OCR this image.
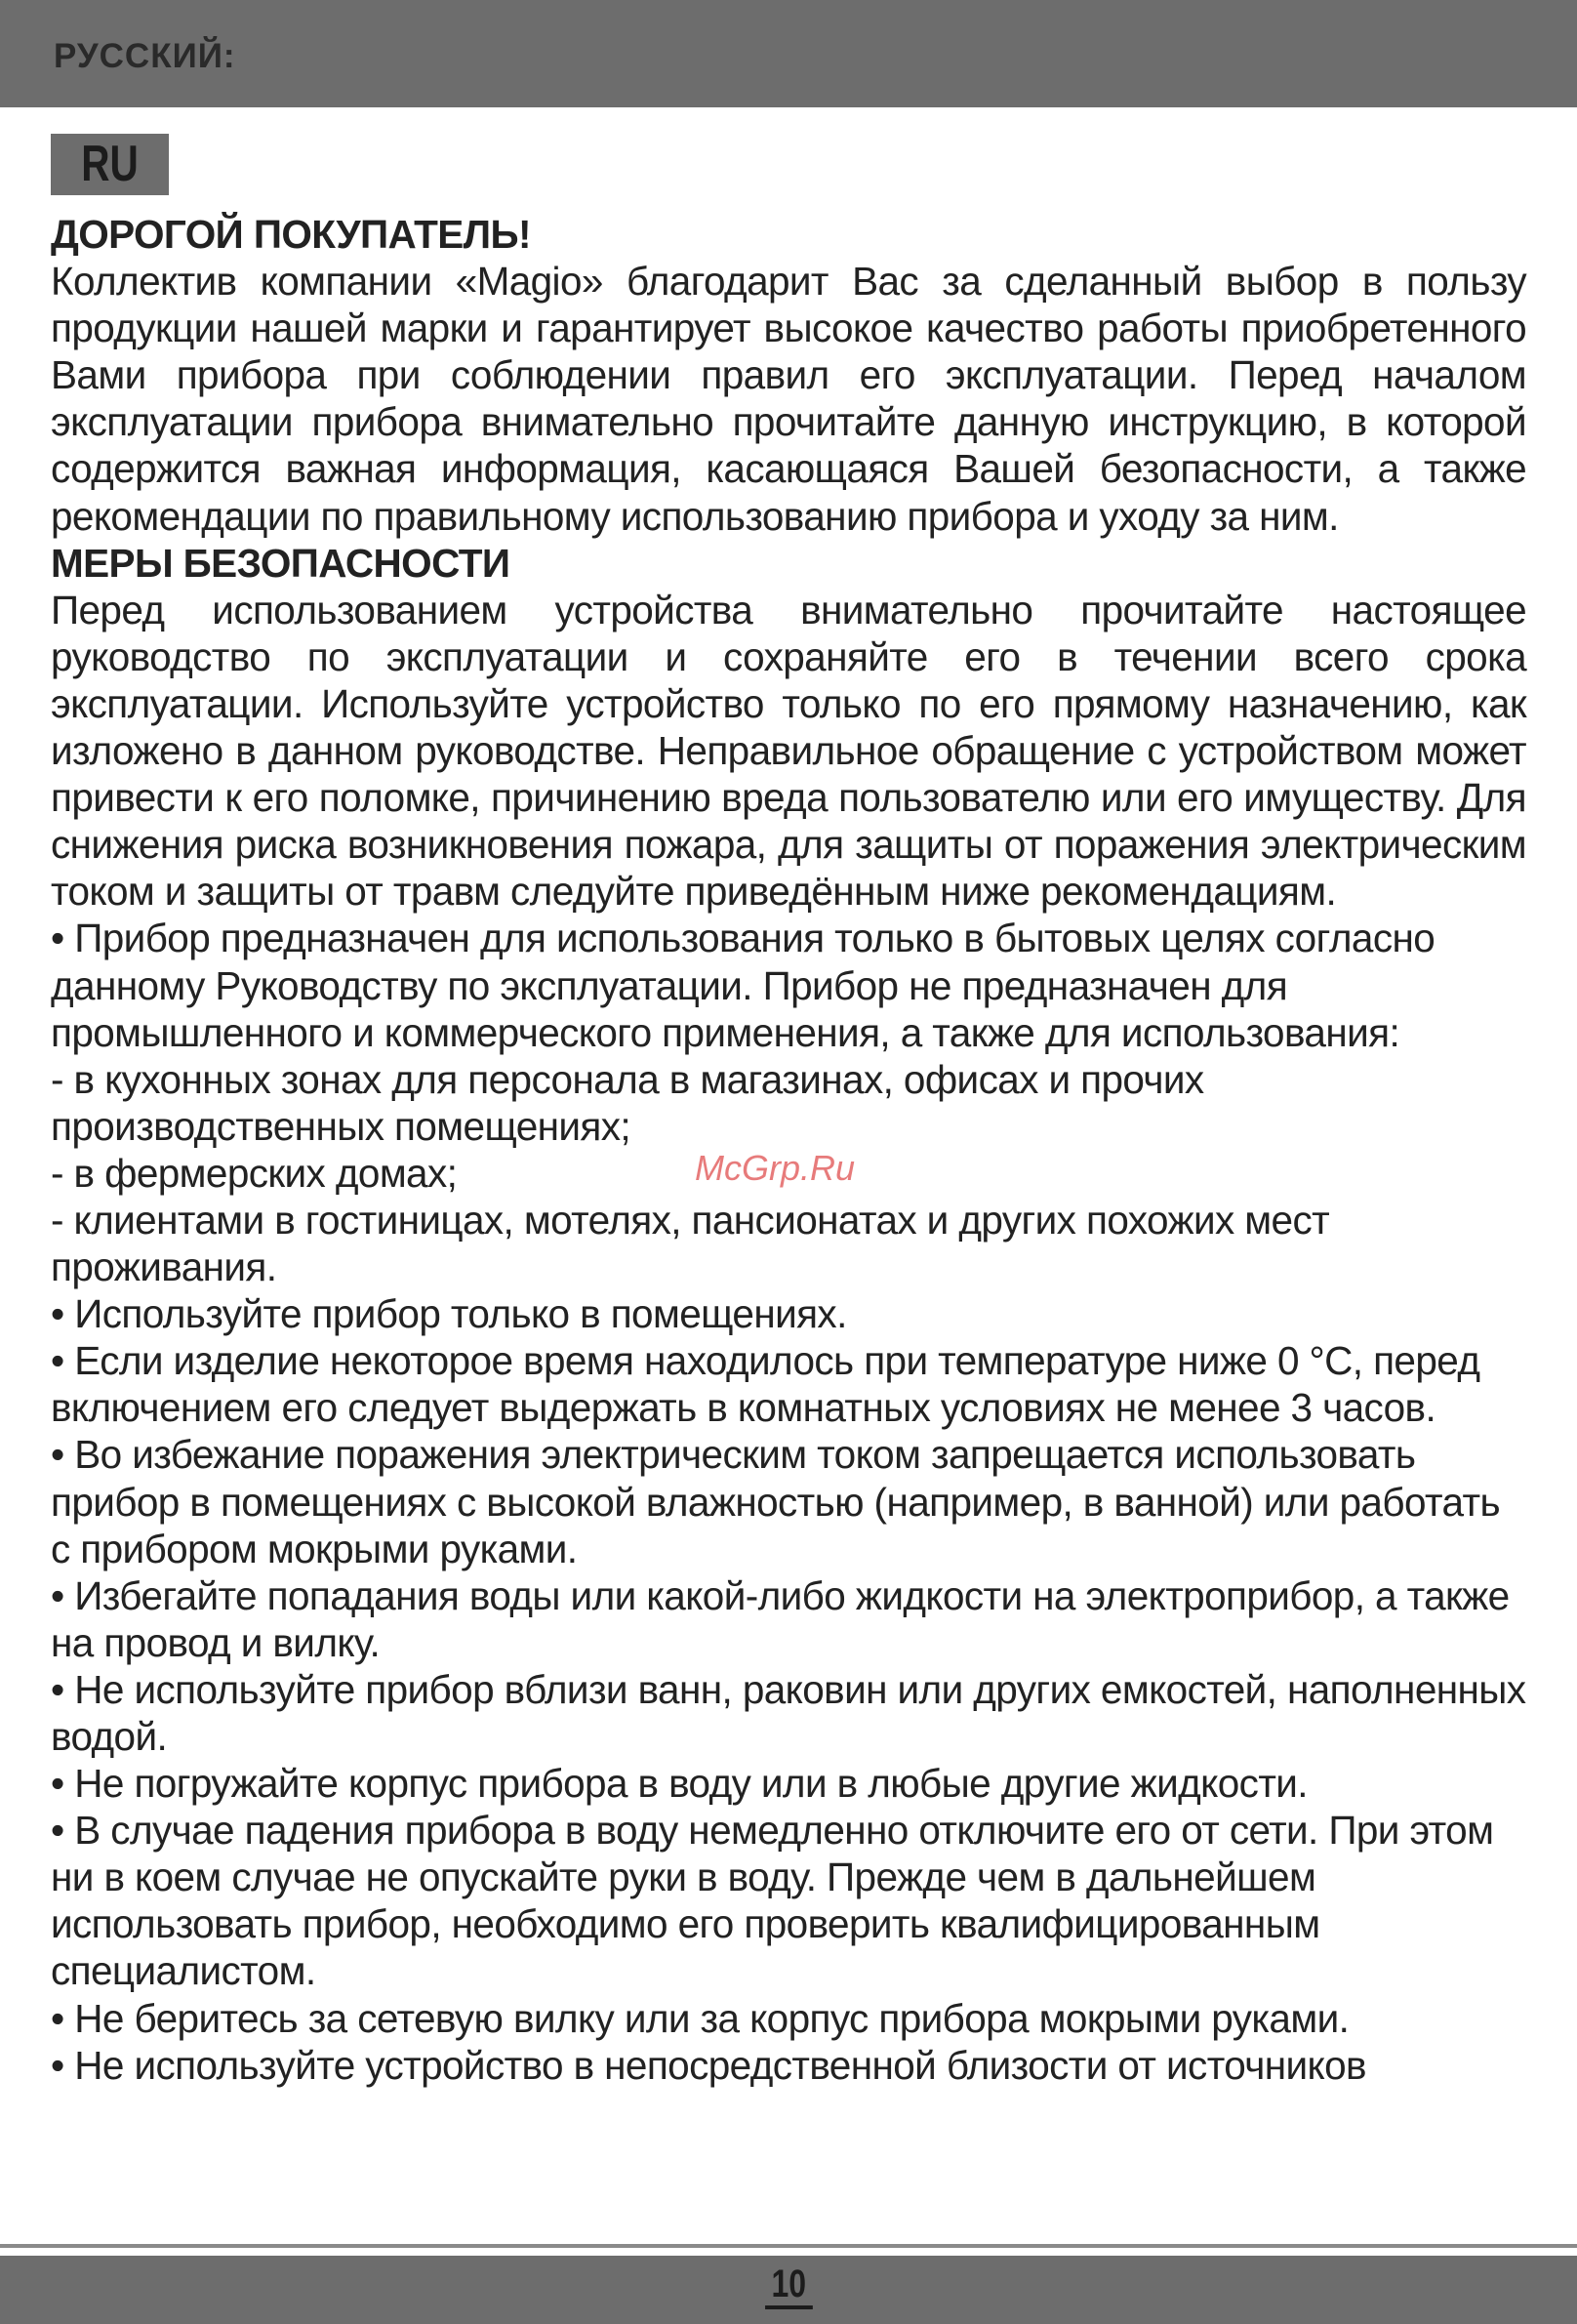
РУССКИЙ:
RU
ДОРОГОЙ ПОКУПАТЕЛЬ!

Коллектив компании «Magio» благодарит Вас за сделанный выбор в пользу продукции нашей марки и гарантирует высокое качество работы приобретенного Вами прибора при соблюдении правил его эксплуатации. Перед началом эксплуатации прибора внимательно прочитайте данную инструкцию, в которой содержится важная информация, касающаяся Вашей безопасности, а также рекомендации по правильному использованию прибора и уходу за ним.

МЕРЫ БЕЗОПАСНОСТИ

Перед использованием устройства внимательно прочитайте настоящее руководство по эксплуатации и сохраняйте его в течении всего срока эксплуатации. Используйте устройство только по его прямому назначению, как изложено в данном руководстве. Неправильное обращение с устройством может привести к его поломке, причинению вреда пользователю или его имуществу. Для снижения риска возникновения пожара, для защиты от поражения электрическим током и защиты от травм следуйте приведённым ниже рекомендациям.

• Прибор предназначен для использования только в бытовых целях согласно данному Руководству по эксплуатации. Прибор не предназначен для промышленного и коммерческого применения, а также для использования:

- в кухонных зонах для персонала в магазинах, офисах и прочих

производственных помещениях;

- в фермерских домах;

- клиентами в гостиницах, мотелях, пансионатах и других похожих мест

проживания.

• Используйте прибор только в помещениях.

• Если изделие некоторое время находилось при температуре ниже 0 °С, перед включением его следует выдержать в комнатных условиях не менее 3 часов.

• Во избежание поражения электрическим током запрещается использовать прибор в помещениях с высокой влажностью (например, в ванной) или работать с прибором мокрыми руками.

• Избегайте попадания воды или какой-либо жидкости на электроприбор, а также на провод и вилку.

• Не используйте прибор вблизи ванн, раковин или других емкостей, наполненных водой.

• Не погружайте корпус прибора в воду или в любые другие жидкости.

• В случае падения прибора в воду немедленно отключите его от сети. При этом ни в коем случае не опускайте руки в воду. Прежде чем в дальнейшем использовать прибор, необходимо его проверить квалифицированным специалистом.

• Не беритесь за сетевую вилку или за корпус прибора мокрыми руками.

• Не используйте устройство в непосредственной близости от источников

McGrp.Ru
10
